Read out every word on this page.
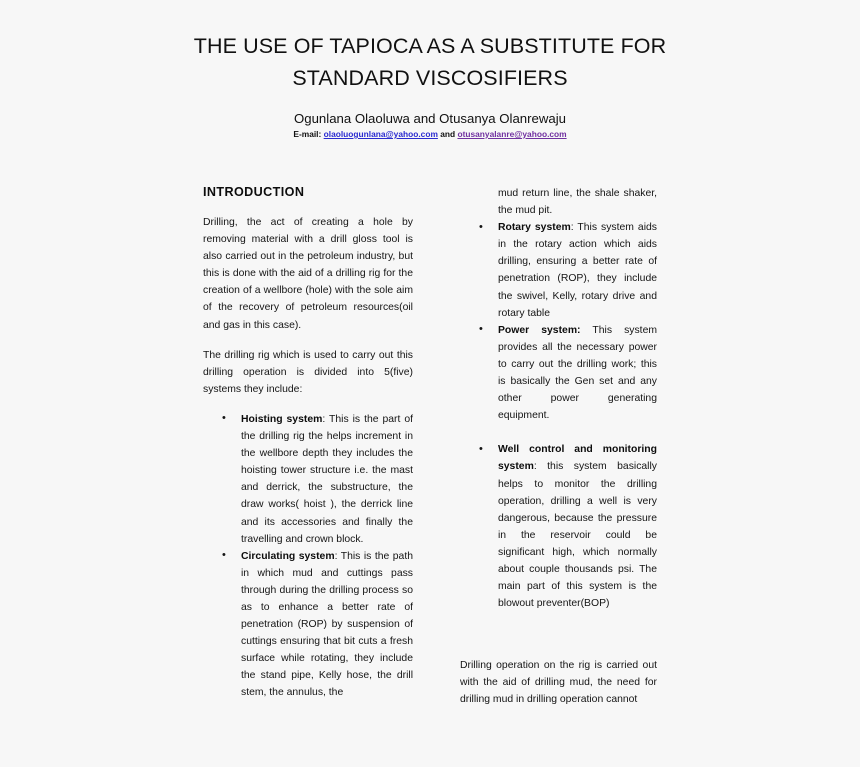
THE USE OF TAPIOCA AS A SUBSTITUTE FOR
STANDARD VISCOSIFIERS
Ogunlana Olaoluwa and Otusanya Olanrewaju
E-mail: olaoluogunlana@yahoo.com and otusanyalanre@yahoo.com
INTRODUCTION

Drilling, the act of creating a hole by removing material with a drill gloss tool is also carried out in the petroleum industry, but this is done with the aid of a drilling rig for the creation of a wellbore (hole) with the sole aim of the recovery of petroleum resources(oil and gas in this case).

The drilling rig which is used to carry out this drilling operation is divided into 5(five) systems they include:

• Hoisting system: This is the part of the drilling rig the helps increment in the wellbore depth they includes the hoisting tower structure i.e. the mast and derrick, the substructure, the draw works( hoist ), the derrick line and its accessories and finally the travelling and crown block.
• Circulating system: This is the path in which mud and cuttings pass through during the drilling process so as to enhance a better rate of penetration (ROP) by suspension of cuttings ensuring that bit cuts a fresh surface while rotating, they include the stand pipe, Kelly hose, the drill stem, the annulus, the

mud return line, the shale shaker, the mud pit.

• Rotary system: This system aids in the rotary action which aids drilling, ensuring a better rate of penetration (ROP), they include the swivel, Kelly, rotary drive and rotary table
• Power system: This system provides all the necessary power to carry out the drilling work; this is basically the Gen set and any other power generating equipment.
• Well control and monitoring system: this system basically helps to monitor the drilling operation, drilling a well is very dangerous, because the pressure in the reservoir could be significant high, which normally about couple thousands psi. The main part of this system is the blowout preventer(BOP)

Drilling operation on the rig is carried out with the aid of drilling mud, the need for drilling mud in drilling operation cannot
